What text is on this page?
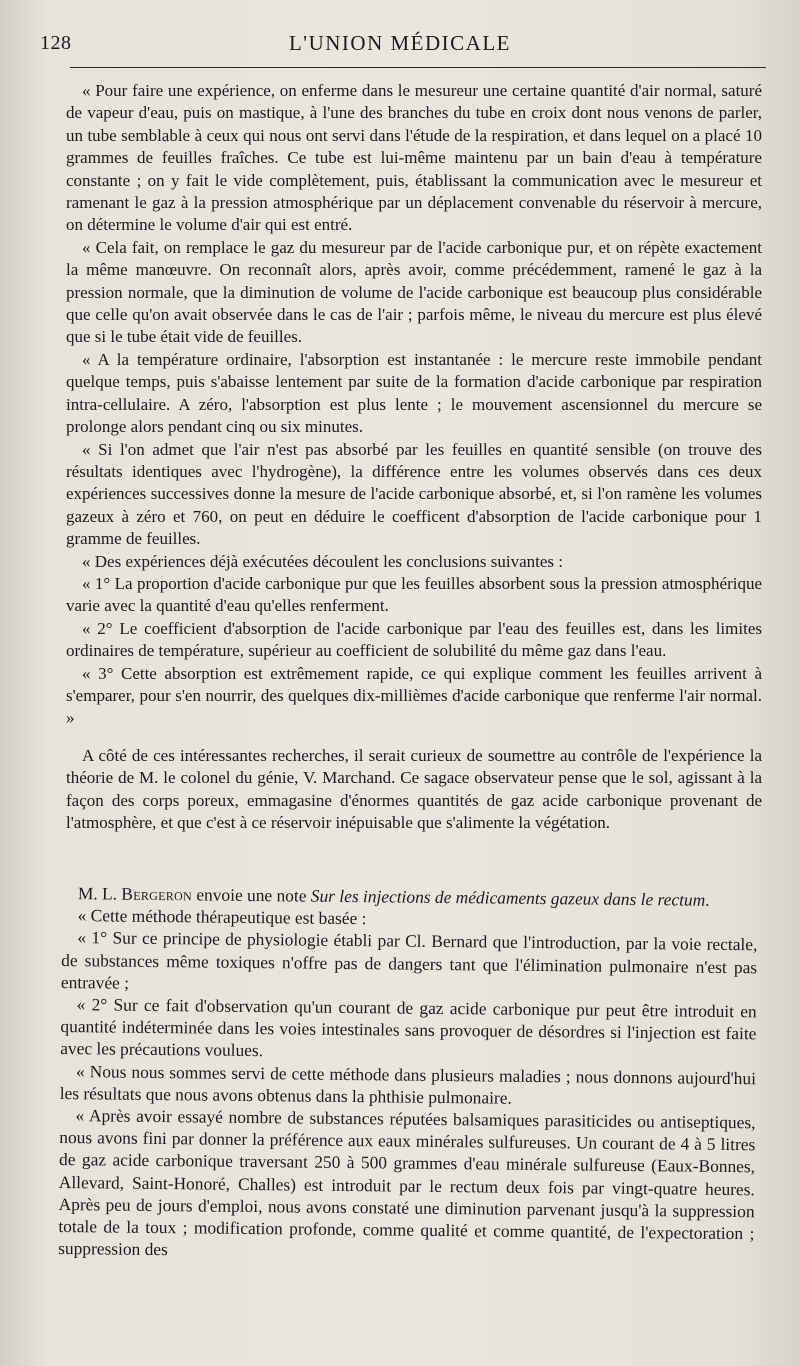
128	L'UNION MÉDICALE

« Pour faire une expérience, on enferme dans le mesureur une certaine quantité d'air normal, saturé de vapeur d'eau, puis on mastique, à l'une des branches du tube en croix dont nous venons de parler, un tube semblable à ceux qui nous ont servi dans l'étude de la respiration, et dans lequel on a placé 10 grammes de feuilles fraîches. Ce tube est lui-même maintenu par un bain d'eau à température constante ; on y fait le vide complètement, puis, établissant la communication avec le mesureur et ramenant le gaz à la pression atmosphérique par un déplacement convenable du réservoir à mercure, on détermine le volume d'air qui est entré.

« Cela fait, on remplace le gaz du mesureur par de l'acide carbonique pur, et on répète exactement la même manœuvre. On reconnaît alors, après avoir, comme précédemment, ramené le gaz à la pression normale, que la diminution de volume de l'acide carbonique est beaucoup plus considérable que celle qu'on avait observée dans le cas de l'air ; parfois même, le niveau du mercure est plus élevé que si le tube était vide de feuilles.

« A la température ordinaire, l'absorption est instantanée : le mercure reste immobile pendant quelque temps, puis s'abaisse lentement par suite de la formation d'acide carbonique par respiration intra-cellulaire. A zéro, l'absorption est plus lente ; le mouvement ascensionnel du mercure se prolonge alors pendant cinq ou six minutes.

« Si l'on admet que l'air n'est pas absorbé par les feuilles en quantité sensible (on trouve des résultats identiques avec l'hydrogène), la différence entre les volumes observés dans ces deux expériences successives donne la mesure de l'acide carbonique absorbé, et, si l'on ramène les volumes gazeux à zéro et 760, on peut en déduire le coefficent d'absorption de l'acide carbonique pour 1 gramme de feuilles.

« Des expériences déjà exécutées découlent les conclusions suivantes :

« 1° La proportion d'acide carbonique pur que les feuilles absorbent sous la pression atmosphérique varie avec la quantité d'eau qu'elles renferment.

« 2° Le coefficient d'absorption de l'acide carbonique par l'eau des feuilles est, dans les limites ordinaires de température, supérieur au coefficient de solubilité du même gaz dans l'eau.

« 3° Cette absorption est extrêmement rapide, ce qui explique comment les feuilles arrivent à s'emparer, pour s'en nourrir, des quelques dix-millièmes d'acide carbonique que renferme l'air normal. »

A côté de ces intéressantes recherches, il serait curieux de soumettre au contrôle de l'expérience la théorie de M. le colonel du génie, V. Marchand. Ce sagace observateur pense que le sol, agissant à la façon des corps poreux, emmagasine d'énormes quantités de gaz acide carbonique provenant de l'atmosphère, et que c'est à ce réservoir inépuisable que s'alimente la végétation.

M. L. Bergeron envoie une note Sur les injections de médicaments gazeux dans le rectum.

« Cette méthode thérapeutique est basée :

« 1° Sur ce principe de physiologie établi par Cl. Bernard que l'introduction, par la voie rectale, de substances même toxiques n'offre pas de dangers tant que l'élimination pulmonaire n'est pas entravée ;

« 2° Sur ce fait d'observation qu'un courant de gaz acide carbonique pur peut être introduit en quantité indéterminée dans les voies intestinales sans provoquer de désordres si l'injection est faite avec les précautions voulues.

« Nous nous sommes servi de cette méthode dans plusieurs maladies ; nous donnons aujourd'hui les résultats que nous avons obtenus dans la phthisie pulmonaire.

« Après avoir essayé nombre de substances réputées balsamiques parasiticides ou antiseptiques, nous avons fini par donner la préférence aux eaux minérales sulfureuses. Un courant de 4 à 5 litres de gaz acide carbonique traversant 250 à 500 grammes d'eau minérale sulfureuse (Eaux-Bonnes, Allevard, Saint-Honoré, Challes) est introduit par le rectum deux fois par vingt-quatre heures. Après peu de jours d'emploi, nous avons constaté une diminution parvenant jusqu'à la suppression totale de la toux ; modification profonde, comme qualité et comme quantité, de l'expectoration ; suppression des
